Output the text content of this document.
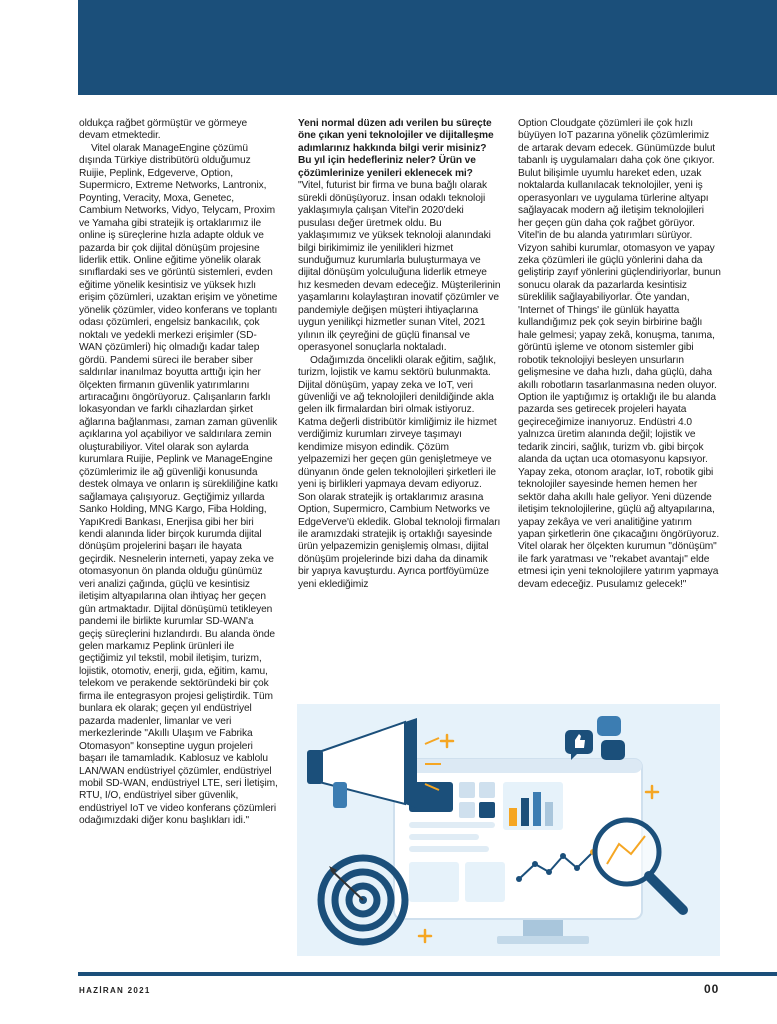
oldukça rağbet görmüştür ve görmeye devam etmektedir.

Vitel olarak ManageEngine çözümü dışında Türkiye distribütörü olduğumuz Ruijie, Peplink, Edgeverve, Option, Supermicro, Extreme Networks, Lantronix, Poynting, Veracity, Moxa, Genetec, Cambium Networks, Vidyo, Telycam, Proxim ve Yamaha gibi stratejik iş ortaklarımız ile online iş süreçlerine hızla adapte olduk ve pazarda bir çok dijital dönüşüm projesine liderlik ettik. Online eğitime yönelik olarak sınıflardaki ses ve görüntü sistemleri, evden eğitime yönelik kesintisiz ve yüksek hızlı erişim çözümleri, uzaktan erişim ve yönetime yönelik çözümler, video konferans ve toplantı odası çözümleri, engelsiz bankacılık, çok noktalı ve yedekli merkezi erişimler (SD-WAN çözümleri) hiç olmadığı kadar talep gördü. Pandemi süreci ile beraber siber saldırılar inanılmaz boyutta arttığı için her ölçekten firmanın güvenlik yatırımlarını artıracağını öngörüyoruz. Çalışanların farklı lokasyondan ve farklı cihazlardan şirket ağlarına bağlanması, zaman zaman güvenlik açıklarına yol açabiliyor ve saldırılara zemin oluşturabiliyor. Vitel olarak son aylarda kurumlara Ruijie, Peplink ve ManageEngine çözümlerimiz ile ağ güvenliği konusunda destek olmaya ve onların iş sürekliliğine katkı sağlamaya çalışıyoruz. Geçtiğimiz yıllarda Sanko Holding, MNG Kargo, Fiba Holding, YapıKredi Bankası, Enerjisa gibi her biri kendi alanında lider birçok kurumda dijital dönüşüm projelerini başarı ile hayata geçirdik. Nesnelerin interneti, yapay zeka ve otomasyonun ön planda olduğu günümüz veri analizi çağında, güçlü ve kesintisiz iletişim altyapılarına olan ihtiyaç her geçen gün artmaktadır. Dijital dönüşümü tetikleyen pandemi ile birlikte kurumlar SD-WAN'a geçiş süreçlerini hızlandırdı. Bu alanda önde gelen markamız Peplink ürünleri ile geçtiğimiz yıl tekstil, mobil iletişim, turizm, lojistik, otomotiv, enerji, gıda, eğitim, kamu, telekom ve perakende sektöründeki bir çok firma ile entegrasyon projesi geliştirdik. Tüm bunlara ek olarak; geçen yıl endüstriyel pazarda madenler, limanlar ve veri merkezlerinde "Akıllı Ulaşım ve Fabrika Otomasyon" konseptine uygun projeleri başarı ile tamamladık. Kablosuz ve kablolu LAN/WAN endüstriyel çözümler, endüstriyel mobil SD-WAN, endüstriyel LTE, seri İletişim, RTU, I/O, endüstriyel siber güvenlik, endüstriyel IoT ve video konferans çözümleri odağımızdaki diğer konu başlıkları idi."

Yeni normal düzen adı verilen bu süreçte öne çıkan yeni teknolojiler ve dijitalleşme adımlarınız hakkında bilgi verir misiniz? Bu yıl için hedefleriniz neler? Ürün ve çözümlerinize yenileri eklenecek mi?

"Vitel, futurist bir firma ve buna bağlı olarak sürekli dönüşüyoruz. İnsan odaklı teknoloji yaklaşımıyla çalışan Vitel'in 2020'deki pusulası değer üretmek oldu. Bu yaklaşımımız ve yüksek teknoloji alanındaki bilgi birikimimiz ile yenilikleri hizmet sunduğumuz kurumlarla buluşturmaya ve dijital dönüşüm yolculuğuna liderlik etmeye hız kesmeden devam edeceğiz. Müşterilerinin yaşamlarını kolaylaştıran inovatif çözümler ve pandemiyle değişen müşteri ihtiyaçlarına uygun yenilikçi hizmetler sunan Vitel, 2021 yılının ilk çeyreğini de güçlü finansal ve operasyonel sonuçlarla noktaladı.

Odağımızda öncelikli olarak eğitim, sağlık, turizm, lojistik ve kamu sektörü bulunmakta. Dijital dönüşüm, yapay zeka ve IoT, veri güvenliği ve ağ teknolojileri denildiğinde akla gelen ilk firmalardan biri olmak istiyoruz. Katma değerli distribütör kimliğimiz ile hizmet verdiğimiz kurumları zirveye taşımayı kendimize misyon edindik. Çözüm yelpazemizi her geçen gün genişletmeye ve dünyanın önde gelen teknolojileri şirketleri ile yeni iş birlikleri yapmaya devam ediyoruz. Son olarak stratejik iş ortaklarımız arasına Option, Supermicro, Cambium Networks ve EdgeVerve'ü ekledik. Global teknoloji firmaları ile aramızdaki stratejik iş ortaklığı sayesinde ürün yelpazemizin genişlemiş olması, dijital dönüşüm projelerinde bizi daha da dinamik bir yapıya kavuşturdu. Ayrıca portföyümüze yeni eklediğimiz

Option Cloudgate çözümleri ile çok hızlı büyüyen IoT pazarına yönelik çözümlerimiz de artarak devam edecek. Günümüzde bulut tabanlı iş uygulamaları daha çok öne çıkıyor. Bulut bilişimle uyumlu hareket eden, uzak noktalarda kullanılacak teknolojiler, yeni iş operasyonları ve uygulama türlerine altyapı sağlayacak modern ağ iletişim teknolojileri her geçen gün daha çok rağbet görüyor. Vitel'in de bu alanda yatırımları sürüyor. Vizyon sahibi kurumlar, otomasyon ve yapay zeka çözümleri ile güçlü yönlerini daha da geliştirip zayıf yönlerini güçlendiriyorlar, bunun sonucu olarak da pazarlarda kesintisiz süreklilik sağlayabiliyorlar. Öte yandan, 'Internet of Things' ile günlük hayatta kullandığımız pek çok seyin birbirine bağlı hale gelmesi; yapay zekâ, konuşma, tanıma, görüntü işleme ve otonom sistemler gibi robotik teknolojiyi besleyen unsurların gelişmesine ve daha hızlı, daha güçlü, daha akıllı robotların tasarlanmasına neden oluyor. Option ile yaptığımız iş ortaklığı ile bu alanda pazarda ses getirecek projeleri hayata geçireceğimize inanıyoruz. Endüstri 4.0 yalnızca üretim alanında değil; lojistik ve tedarik zinciri, sağlık, turizm vb. gibi birçok alanda da uçtan uca otomasyonu kapsıyor. Yapay zeka, otonom araçlar, IoT, robotik gibi teknolojiler sayesinde hemen hemen her sektör daha akıllı hale geliyor. Yeni düzende iletişim teknolojilerine, güçlü ağ altyapılarına, yapay zekâya ve veri analitiğine yatırım yapan şirketlerin öne çıkacağını öngörüyoruz. Vitel olarak her ölçekten kurumun "dönüşüm" ile fark yaratması ve "rekabet avantajı" elde etmesi için yeni teknolojilere yatırım yapmaya devam edeceğiz. Pusulamız gelecek!"

HAZİRAN 2021	00
